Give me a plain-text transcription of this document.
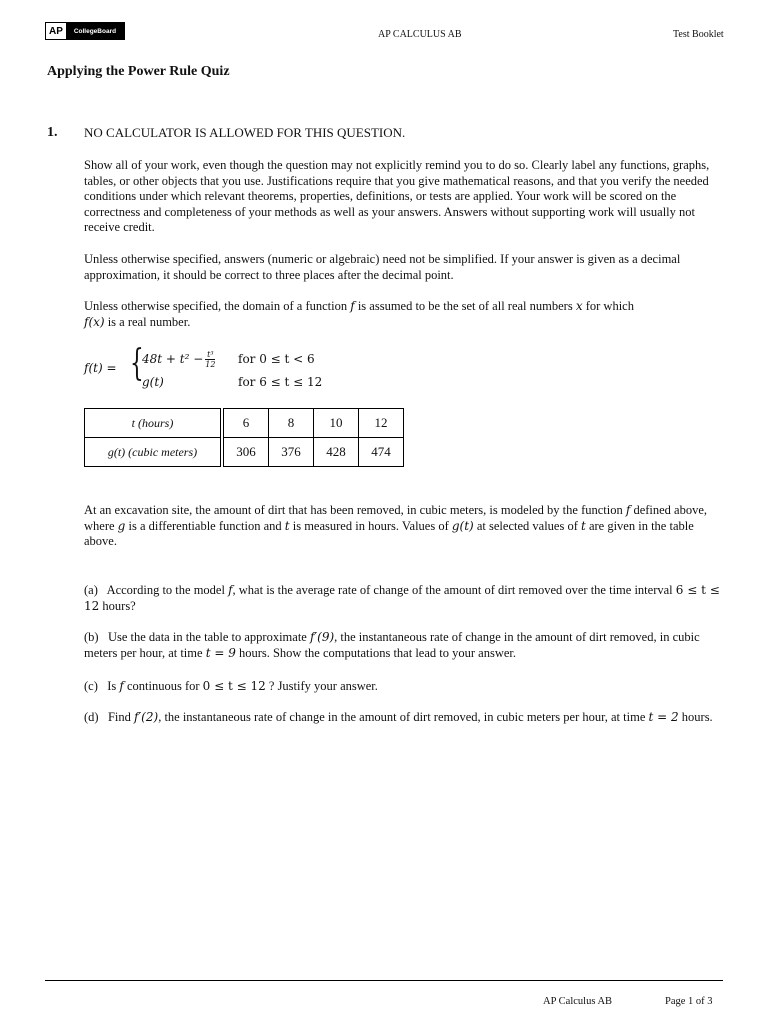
AP	CollegeBoard	AP CALCULUS AB	Test Booklet
Applying the Power Rule Quiz
1. NO CALCULATOR IS ALLOWED FOR THIS QUESTION.
Show all of your work, even though the question may not explicitly remind you to do so. Clearly label any functions, graphs, tables, or other objects that you use. Justifications require that you give mathematical reasons, and that you verify the needed conditions under which relevant theorems, properties, definitions, or tests are applied. Your work will be scored on the correctness and completeness of your methods as well as your answers. Answers without supporting work will usually not receive credit.
Unless otherwise specified, answers (numeric or algebraic) need not be simplified. If your answer is given as a decimal approximation, it should be correct to three places after the decimal point.
Unless otherwise specified, the domain of a function f is assumed to be the set of all real numbers x for which
f(x) is a real number.
f(t) = {
$48t + t^2 - \frac{\text{t³}}{12}$ for 0 ≤ t < 6
g(t)	for 6 ≤ t ≤ 12
t (hours)	6	8	10	12
g(t) (cubic meters)	306	376	428	474
At an excavation site, the amount of dirt that has been removed, in cubic meters, is modeled by the function f defined above, where g is a differentiable function and t is measured in hours. Values of g(t) at selected values of t are given in the table above.
(a) According to the model f, what is the average rate of change of the amount of dirt removed over the time interval 6 ≤ t ≤ 12 hours?
(b) Use the data in the table to approximate f′(9), the instantaneous rate of change in the amount of dirt removed, in cubic meters per hour, at time t = 9 hours. Show the computations that lead to your answer.
(c) Is f continuous for 0 ≤ t ≤ 12 ? Justify your answer.
(d) Find f′(2), the instantaneous rate of change in the amount of dirt removed, in cubic meters per hour, at time t = 2 hours.
AP Calculus AB	Page 1 of 3
